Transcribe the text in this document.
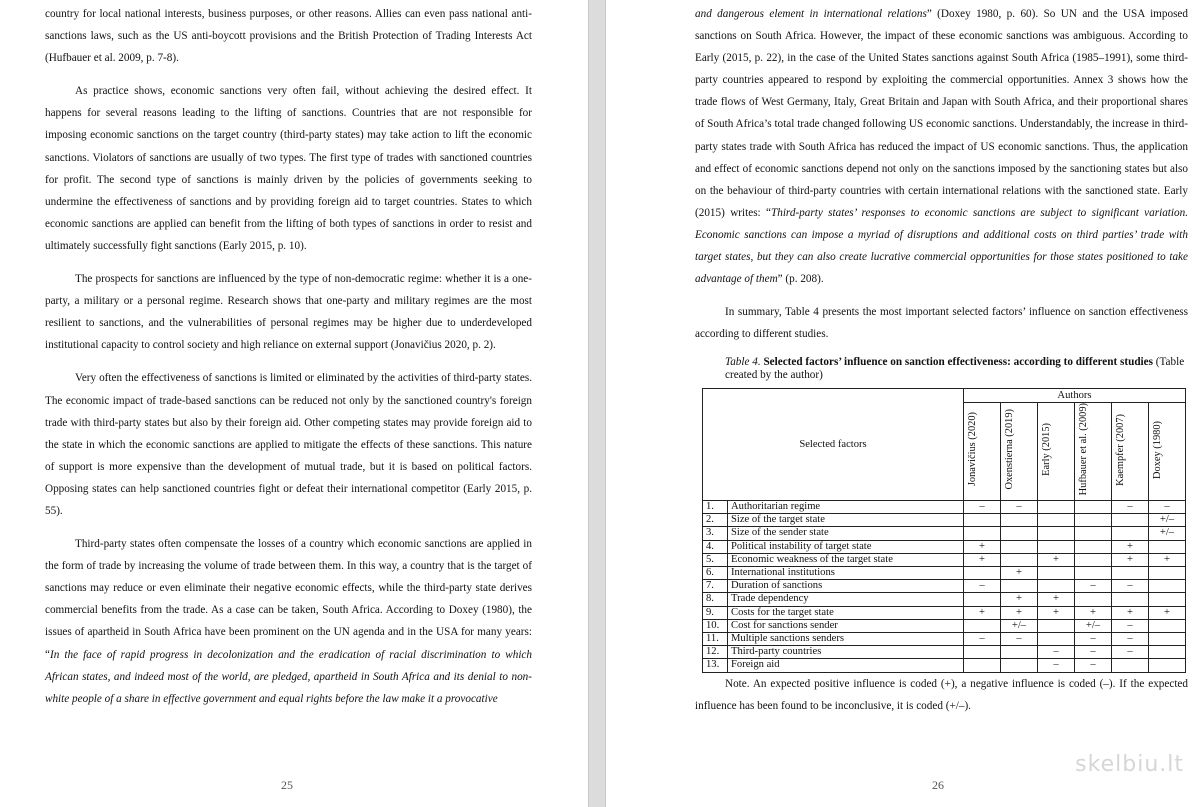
country for local national interests, business purposes, or other reasons. Allies can even pass national anti-sanctions laws, such as the US anti-boycott provisions and the British Protection of Trading Interests Act (Hufbauer et al. 2009, p. 7-8).

As practice shows, economic sanctions very often fail, without achieving the desired effect. It happens for several reasons leading to the lifting of sanctions. Countries that are not responsible for imposing economic sanctions on the target country (third-party states) may take action to lift the economic sanctions. Violators of sanctions are usually of two types. The first type of trades with sanctioned countries for profit. The second type of sanctions is mainly driven by the policies of governments seeking to undermine the effectiveness of sanctions and by providing foreign aid to target countries. States to which economic sanctions are applied can benefit from the lifting of both types of sanctions in order to resist and ultimately successfully fight sanctions (Early 2015, p. 10).

The prospects for sanctions are influenced by the type of non-democratic regime: whether it is a one-party, a military or a personal regime. Research shows that one-party and military regimes are the most resilient to sanctions, and the vulnerabilities of personal regimes may be higher due to underdeveloped institutional capacity to control society and high reliance on external support (Jonavičius 2020, p. 2).

Very often the effectiveness of sanctions is limited or eliminated by the activities of third-party states. The economic impact of trade-based sanctions can be reduced not only by the sanctioned country's foreign trade with third-party states but also by their foreign aid. Other competing states may provide foreign aid to the state in which the economic sanctions are applied to mitigate the effects of these sanctions. This nature of support is more expensive than the development of mutual trade, but it is based on political factors. Opposing states can help sanctioned countries fight or defeat their international competitor (Early 2015, p. 55).

Third-party states often compensate the losses of a country which economic sanctions are applied in the form of trade by increasing the volume of trade between them. In this way, a country that is the target of sanctions may reduce or even eliminate their negative economic effects, while the third-party state derives commercial benefits from the trade. As a case can be taken, South Africa. According to Doxey (1980), the issues of apartheid in South Africa have been prominent on the UN agenda and in the USA for many years: “In the face of rapid progress in decolonization and the eradication of racial discrimination to which African states, and indeed most of the world, are pledged, apartheid in South Africa and its denial to non-white people of a share in effective government and equal rights before the law make it a provocative

25

and dangerous element in international relations” (Doxey 1980, p. 60). So UN and the USA imposed sanctions on South Africa. However, the impact of these economic sanctions was ambiguous. According to Early (2015, p. 22), in the case of the United States sanctions against South Africa (1985–1991), some third-party countries appeared to respond by exploiting the commercial opportunities. Annex 3 shows how the trade flows of West Germany, Italy, Great Britain and Japan with South Africa, and their proportional shares of South Africa’s total trade changed following US economic sanctions. Understandably, the increase in third-party states trade with South Africa has reduced the impact of US economic sanctions. Thus, the application and effect of economic sanctions depend not only on the sanctions imposed by the sanctioning states but also on the behaviour of third-party countries with certain international relations with the sanctioned state. Early (2015) writes: “Third-party states’ responses to economic sanctions are subject to significant variation. Economic sanctions can impose a myriad of disruptions and additional costs on third parties’ trade with target states, but they can also create lucrative commercial opportunities for those states positioned to take advantage of them” (p. 208).

In summary, Table 4 presents the most important selected factors’ influence on sanction effectiveness according to different studies.

Table 4. Selected factors’ influence on sanction effectiveness: according to different studies (Table created by the author)
Selected factors		Authors					
		Jonavičius (2020)	Oxenstierna (2019)	Early (2015)	Hufbauer et al. (2009)	Kaempfer (2007)	Doxey (1980)
1.	Authoritarian regime	–	–			–	–
2.	Size of the target state						+/–
3.	Size of the sender state						+/–
4.	Political instability of target state	+				+	
5.	Economic weakness of the target state	+		+		+	+
6.	International institutions		+				
7.	Duration of sanctions	–			–	–	
8.	Trade dependency		+	+			
9.	Costs for the target state	+	+	+	+	+	+
10.	Cost for sanctions sender		+/–		+/–	–	
11.	Multiple sanctions senders	–	–		–	–	
12.	Third-party countries			–	–	–	
13.	Foreign aid			–	–		

Note. An expected positive influence is coded (+), a negative influence is coded (–). If the expected influence has been found to be inconclusive, it is coded (+/–).

26
skelbiu.lt
